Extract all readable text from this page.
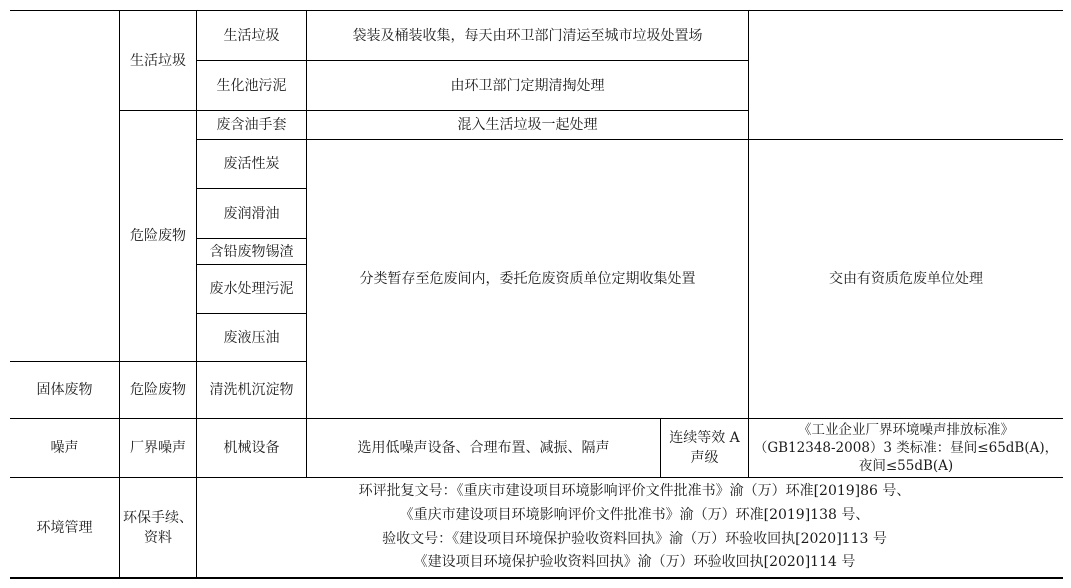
固体废物
噪声
环境管理
生活垃圾
危险废物
危险废物
厂界噪声
环保手续、
资料
生活垃圾
生化池污泥
废含油手套
废活性炭
废润滑油
含铅废物锡渣
废水处理污泥
废液压油
清洗机沉淀物
机械设备
袋装及桶装收集，每天由环卫部门清运至城市垃圾处置场
由环卫部门定期清掏处理
混入生活垃圾一起处理
分类暂存至危废间内，委托危废资质单位定期收集处置
选用低噪声设备、合理布置、减振、隔声
连续等效 A
声级
交由有资质危废单位处理
《工业企业厂界环境噪声排放标准》
（GB12348-2008）3 类标准：昼间≤65dB(A)，
夜间≤55dB(A)
环评批复文号：《重庆市建设项目环境影响评价文件批准书》渝（万）环准[2019]86 号、
《重庆市建设项目环境影响评价文件批准书》渝（万）环准[2019]138 号、
验收文号：《建设项目环境保护验收资料回执》渝（万）环验收回执[2020]113 号
《建设项目环境保护验收资料回执》渝（万）环验收回执[2020]114 号
